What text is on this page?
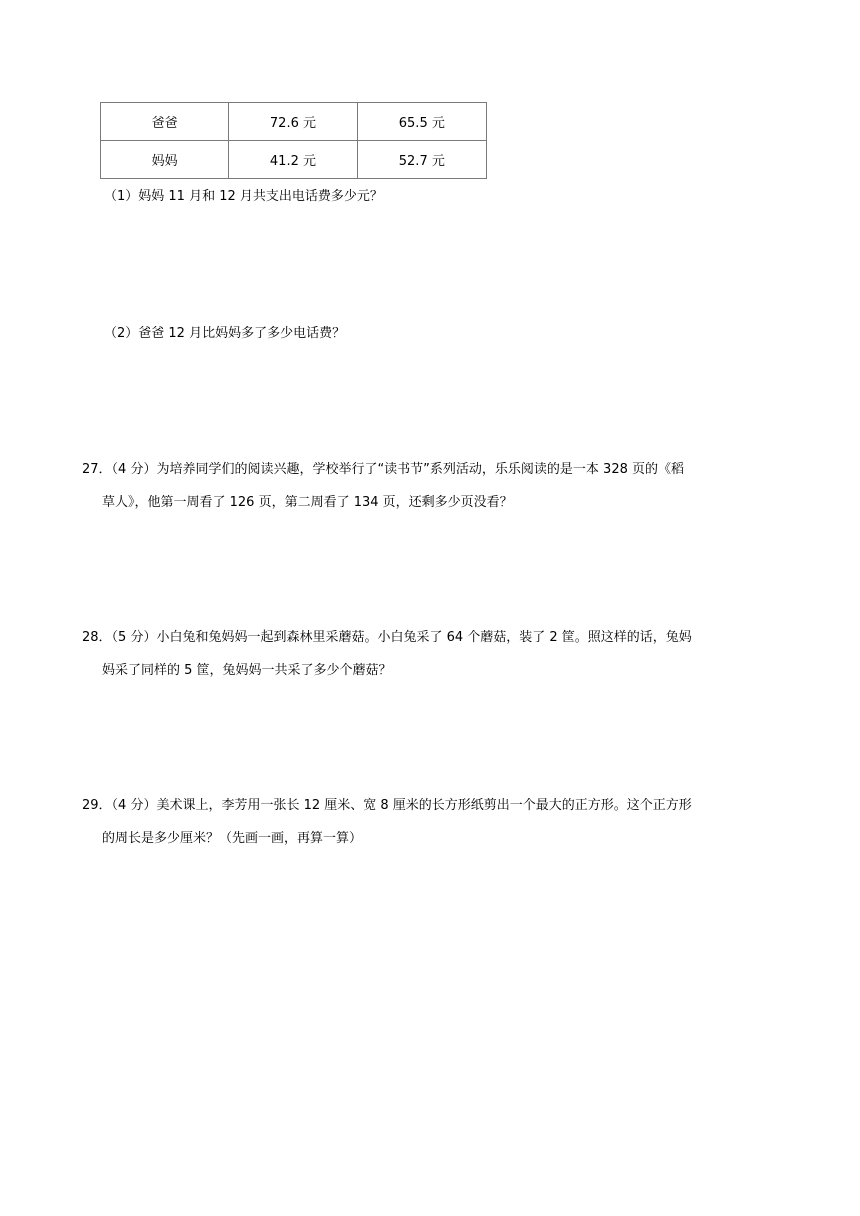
爸爸	72.6 元	65.5 元
妈妈	41.2 元	52.7 元
（1）妈妈 11 月和 12 月共支出电话费多少元？
（2）爸爸 12 月比妈妈多了多少电话费？
27．（4 分）为培养同学们的阅读兴趣，学校举行了“读书节”系列活动，乐乐阅读的是一本 328 页的《稻
草人》，他第一周看了 126 页，第二周看了 134 页，还剩多少页没看？
28．（5 分）小白兔和兔妈妈一起到森林里采蘑菇。小白兔采了 64 个蘑菇，装了 2 筐。照这样的话，兔妈
妈采了同样的 5 筐，兔妈妈一共采了多少个蘑菇？
29．（4 分）美术课上，李芳用一张长 12 厘米、宽 8 厘米的长方形纸剪出一个最大的正方形。这个正方形
的周长是多少厘米？（先画一画，再算一算）
